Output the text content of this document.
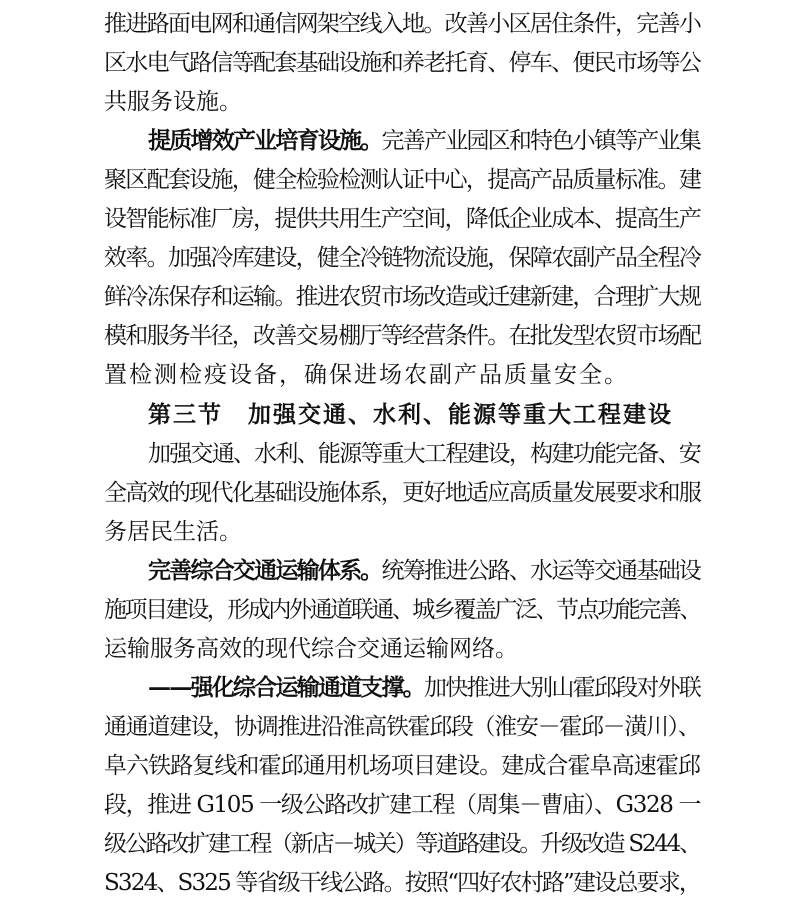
推进路面电网和通信网架空线入地。改善小区居住条件，完善小
区水电气路信等配套基础设施和养老托育、停车、便民市场等公
共服务设施。
提质增效产业培育设施。完善产业园区和特色小镇等产业集
聚区配套设施，健全检验检测认证中心，提高产品质量标准。建
设智能标准厂房，提供共用生产空间，降低企业成本、提高生产
效率。加强冷库建设，健全冷链物流设施，保障农副产品全程冷
鲜冷冻保存和运输。推进农贸市场改造或迁建新建，合理扩大规
模和服务半径，改善交易棚厅等经营条件。在批发型农贸市场配
置检测检疫设备，确保进场农副产品质量安全。
第三节　加强交通、水利、能源等重大工程建设
加强交通、水利、能源等重大工程建设，构建功能完备、安
全高效的现代化基础设施体系，更好地适应高质量发展要求和服
务居民生活。
完善综合交通运输体系。统筹推进公路、水运等交通基础设
施项目建设，形成内外通道联通、城乡覆盖广泛、节点功能完善、
运输服务高效的现代综合交通运输网络。
——强化综合运输通道支撑。加快推进大别山霍邱段对外联
通通道建设，协调推进沿淮高铁霍邱段（淮安－霍邱－潢川）、
阜六铁路复线和霍邱通用机场项目建设。建成合霍阜高速霍邱
段，推进 G105 一级公路改扩建工程（周集－曹庙）、G328 一
级公路改扩建工程（新店－城关）等道路建设。升级改造 S244、
S324、S325 等省级干线公路。按照“四好农村路”建设总要求，
